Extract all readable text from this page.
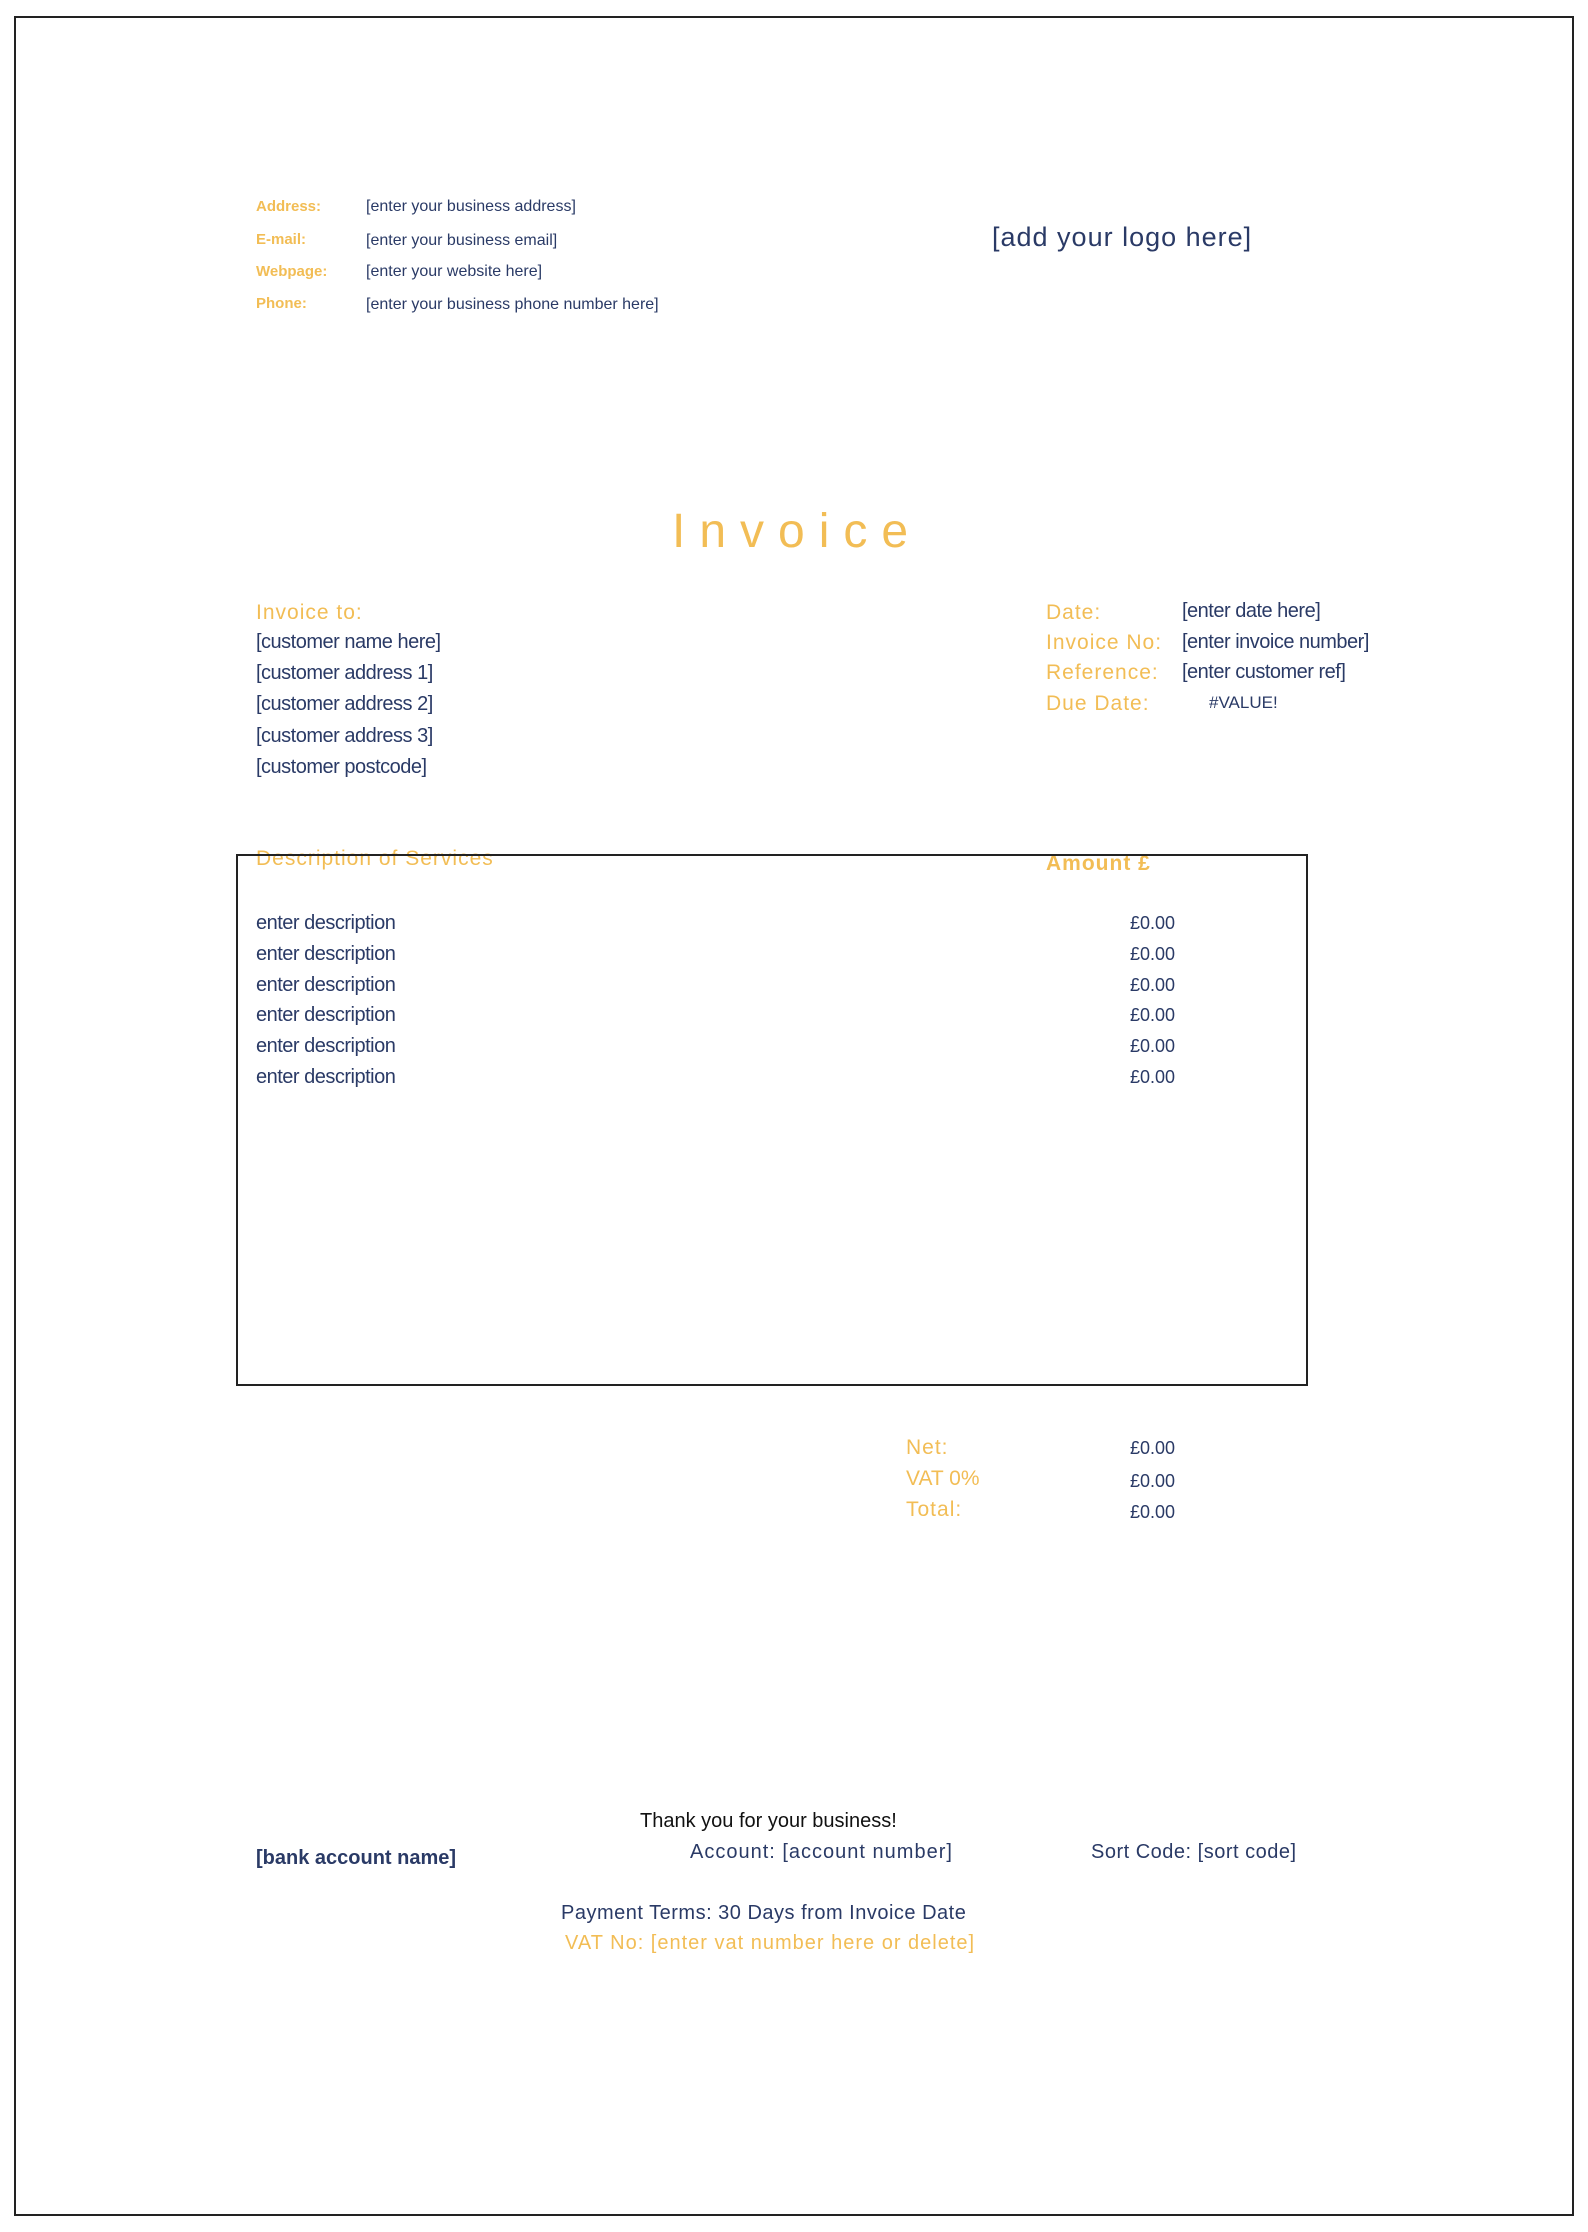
Address:	[enter your business address]
E-mail:	[enter your business email]
Webpage: [enter your website here]
Phone:	[enter your business phone number here]
[add your logo here]
Invoice
Invoice to:
[customer name here]
[customer address 1]
[customer address 2]
[customer address 3]
[customer postcode]
Date:	[enter date here]
Invoice No: [enter invoice number]
Reference: [enter customer ref]
Due Date:	#VALUE!
Description of Services	Amount £
enter description	£0.00
enter description	£0.00
enter description	£0.00
enter description	£0.00
enter description	£0.00
enter description	£0.00
Net:	£0.00
VAT 0%	£0.00
Total:	£0.00
Thank you for your business!
[bank account name]	Account: [account number]	Sort Code: [sort code]
Payment Terms: 30 Days from Invoice Date
VAT No: [enter vat number here or delete]
